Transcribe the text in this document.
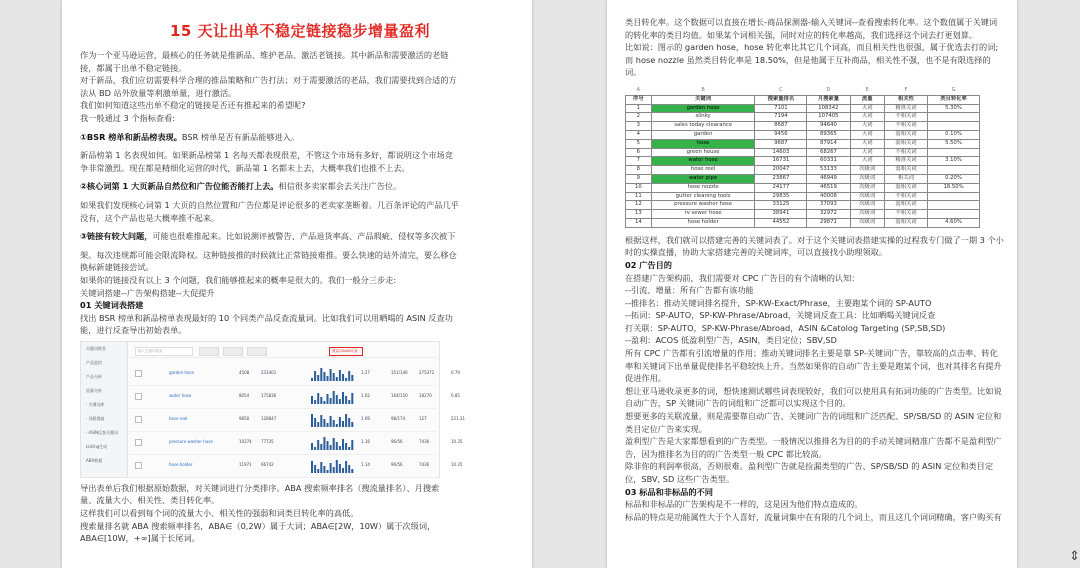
15 天让出单不稳定链接稳步增量盈利

作为一个亚马逊运营，最核心的任务就是推新品、维护老品、激活老链接。其中新品和需要激活的老链

接，都属于出单不稳定链接。

对于新品，我们应切需要科学合理的推品策略和广告打法；对于需要激活的老品，我们需要找到合适的方

法从 BD 站外放量等利激单量，进行激活。

我们如何知道这些出单不稳定的链接是否还有推起来的希望呢?

我一般通过 3 个指标查看:

①BSR 榜单和新品榜表现。BSR 榜单是否有新品能够进入。

新品榜第 1 名表现如何。如果新品榜第 1 名每天都表现很差，不管这个市场有多好，都说明这个市场竞

争非常激烈。现在都是精细化运营的时代，新品第 1 名都未上去，大概率我们也推不上去。

②核心词第 1 大页新品自然位和广告位能否能打上去。相信很多卖家都会去关注广告位。

如果我们发现核心词第 1 大页的自然位置和广告位都是评论很多的老卖家垄断着。几百条评论的产品几乎

没有，这个产品也是大概率推不起来。

③链接有较大问题，可能也很难推起来。比如说测评被警告、产品退货率高、产品瑕疵、侵权等多次被下

架。每次违规都可能会限流降权。这种链接推的时候就比正常链接难推。要么快速的站外清完，要么移仓

换标新建链接尝试。

如果你的链接没有以上 3 个问题，我们能够推起来的概率是很大的。我们一般分三步走:

关键词搭建--广告架构搭建--大促提升

01 关键词表搭建

找出 BSR 榜单和新品榜单表现最好的 10 个同类产品反查流量词。比如我们可以用晒喝的 ASIN 反查功

能，进行反查导出初始表单。

关键词推荐
产品监控
产品分析
流量分析
· 关键词库
· 词根搜索
· ASIN反查关键词
Listing生成
ABA数据
输入关键词搜索	流量词ASIN反查
garden hose	4508	231401	1.27	151/146	275372	0.79
water hose	8054	175836	1.02	164/150	18270	0.85
hose reel	9850	128847	1.09	98/174	127	221.31
pressure washer hose	10274 77735	1.16	96/56	7436	10.35
hose holder	11971 66742	1.14	96/56	7436	10.35

导出表单后我们根据原始数据，对关键词进行分类排序。ABA 搜索频率排名（搜流量排名）、月搜索

量、流量大小、相关性、类目转化率。

这样我们可以看到每个词的流量大小、相关性的强弱和词类目转化率的高低。

搜索量排名就 ABA 搜索频率排名，ABA∈（0,2W）属于大词；ABA∈[2W，10W）属于次级词，

ABA∈[10W，+∞]属于长尾词。

类目转化率。这个数据可以直接在增长-商品探测器-输入关键词--查看搜索转化率。这个数值属于关键词

的转化率的类目均值。如果某个词相关强，同时对应的转化率越高，我们选择这个词去打更划算。

比如说：图示的 garden hose，hose 转化率比其它几个词高，而且相关性也很强，属于优选去打的词;

而 hose nozzle 虽然类目转化率是 18.50%，但是他属于互补商品，相关性不强，也不是有限选择的

词。

A	B	C	D	E	F	G
序号	关键词	搜索量排名	月搜索量	流量	相关性	类目转化率
1	garden hose	7101	108342	大词	精准关词	5.30%
2	slinky	7194	107405	大词	不相关词	
3	sales today clearance	8687	94640	大词	不相关词	
4	garden	9456	89365	大词	弱相关词	0.10%
5	hose	9687	87914	大词	弱相关词	5.50%
6	green house	14603	68267	大词	不相关词	
7	water hose	16731	60331	大词	精准关词	3.10%
8	hose reel	20047	53133	次级词	弱相关词	
9	water pipe	23867	46949	次级词	相关词	0.20%
10	hose nozzle	24177	46519	次级词	弱相关词	18.50%
11	gutter cleaning tools	29835	40008	次级词	不相关词	
12	pressure washer hose	33125	37093	次级词	弱相关词	
13	rv sewer hose	38941	32972	次级词	不相关词	
14	hose holder	44552	29871	次级词	弱相关词	4.60%

根据这样，我们就可以搭建完善的关键词表了。对于这个关键词表搭建实操的过程我专门做了一期 3 个小

时的实操直播，协助大家搭建完善的关键词库，可以直接找小助理领取。

02 广告目的

在搭建广告架构前，我们需要对 CPC 广告目的有个清晰的认知：

--引流、增量：所有广告都有该功能

--推排名：推动关键词排名提升，SP-KW-Exact/Phrase，主要跑某个词的 SP-AUTO

--拓词：SP-AUTO，SP-KW-Phrase/Abroad，关键词反查工具：比如晒喝关键词反查

打关联：SP-AUTO，SP-KW-Phrase/Abroad，ASIN &Catolog Targeting (SP,SB,SD)

--盈利：ACOS 低盈利型广告，ASIN，类目定位；SBV,SD

所有 CPC 广告都有引流增量的作用；推动关键词排名主要是靠 SP-关键词广告，靠较高的点击率、转化

率和关键词下出单量促使排名平稳较快上升。当然如果你的自动广告主要是跑某个词，也对其排名有提升

促进作用。

想让亚马逊收录更多的词，想快速测试哪些词表现较好，我们可以使用具有拓词功能的广告类型。比如说

自动广告，SP 关键词广告的词组和广泛都可以实现这个目的。

想要更多的关联流量，则是需要靠自动广告、关键词广告的词组和广泛匹配、SP/SB/SD 的 ASIN 定位和

类目定位广告来实现。

盈利型广告是大家都想看到的广告类型。一般情况以推排名为目的的手动关键词精准广告都不是盈利型广

告，因为推排名为目的的广告类型一般 CPC 都比较高。

除非你的利润率很高，否则很难。盈利型广告就是捡漏类型的广告、SP/SB/SD 的 ASIN 定位和类目定

位，SBV, SD 这些广告类型。

03 标品和非标品的不同

标品和非标品的广告架构是不一样的，这是因为他们特点造成的。

标品的特点是功能属性大于个人喜好，流量词集中在有限的几个词上，而且这几个词词精确，客户购买有

⇕
